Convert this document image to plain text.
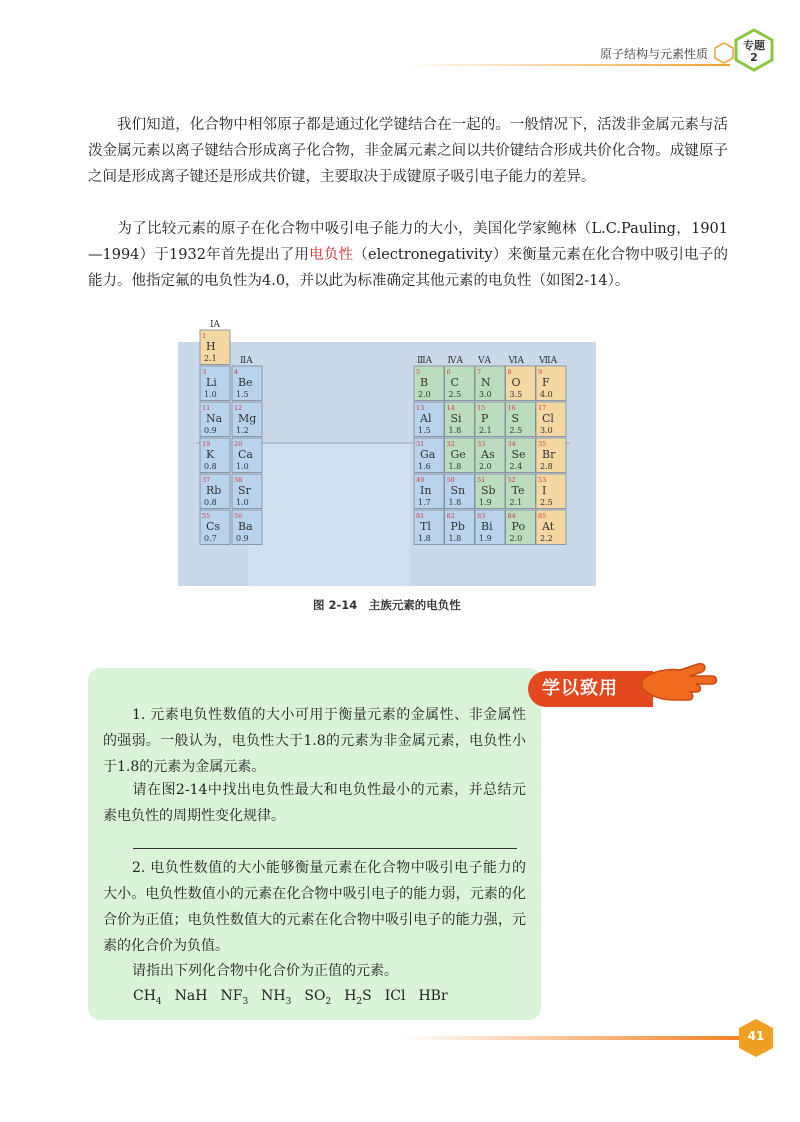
原子结构与元素性质
专题
2

我们知道，化合物中相邻原子都是通过化学键结合在一起的。一般情况下，活泼非金属元素与活泼金属元素以离子键结合形成离子化合物，非金属元素之间以共价键结合形成共价化合物。成键原子之间是形成离子键还是形成共价键，主要取决于成键原子吸引电子能力的差异。

为了比较元素的原子在化合物中吸引电子能力的大小，美国化学家鲍林（L.C.Pauling，1901—1994）于1932年首先提出了用电负性（electronegativity）来衡量元素在化合物中吸引电子的能力。他指定氟的电负性为4.0，并以此为标准确定其他元素的电负性（如图2-14）。

ⅠA
ⅡA	ⅢA ⅣA ⅤA ⅥA ⅦA
1
H
2.1
3
Li
1.0
11
Na
0.9
19
K
0.8
37
Rb
0.8
55
Cs
0.7
4
Be
1.5
12
Mg
1.2
20
Ca
1.0
38
Sr
1.0
56
Ba
0.9
5
B
2.0
6
C
2.5
7
N
3.0
8
O
3.5
9
F
4.0
13
Al
1.5
14
Si
1.8
15
P
2.1
16
S
2.5
17
Cl
3.0
31
Ga
1.6
32
Ge
1.8
33
As
2.0
34
Se
2.4
35
Br
2.8
49
In
1.7
50
Sn
1.8
51
Sb
1.9
52
Te
2.1
53
I
2.5
81
Tl
1.8
82
Pb
1.8
83
Bi
1.9
84
Po
2.0
85
At
2.2
图 2-14　主族元素的电负性
学以致用

1. 元素电负性数值的大小可用于衡量元素的金属性、非金属性的强弱。一般认为，电负性大于1.8的元素为非金属元素，电负性小于1.8的元素为金属元素。

请在图2-14中找出电负性最大和电负性最小的元素，并总结元素电负性的周期性变化规律。

2. 电负性数值的大小能够衡量元素在化合物中吸引电子能力的大小。电负性数值小的元素在化合物中吸引电子的能力弱，元素的化合价为正值；电负性数值大的元素在化合物中吸引电子的能力强，元素的化合价为负值。

请指出下列化合物中化合价为正值的元素。

$CH_4$ NaH $NF_3$ $NH_3$ $SO_2$ $H_2S$ ICl HBr
41
